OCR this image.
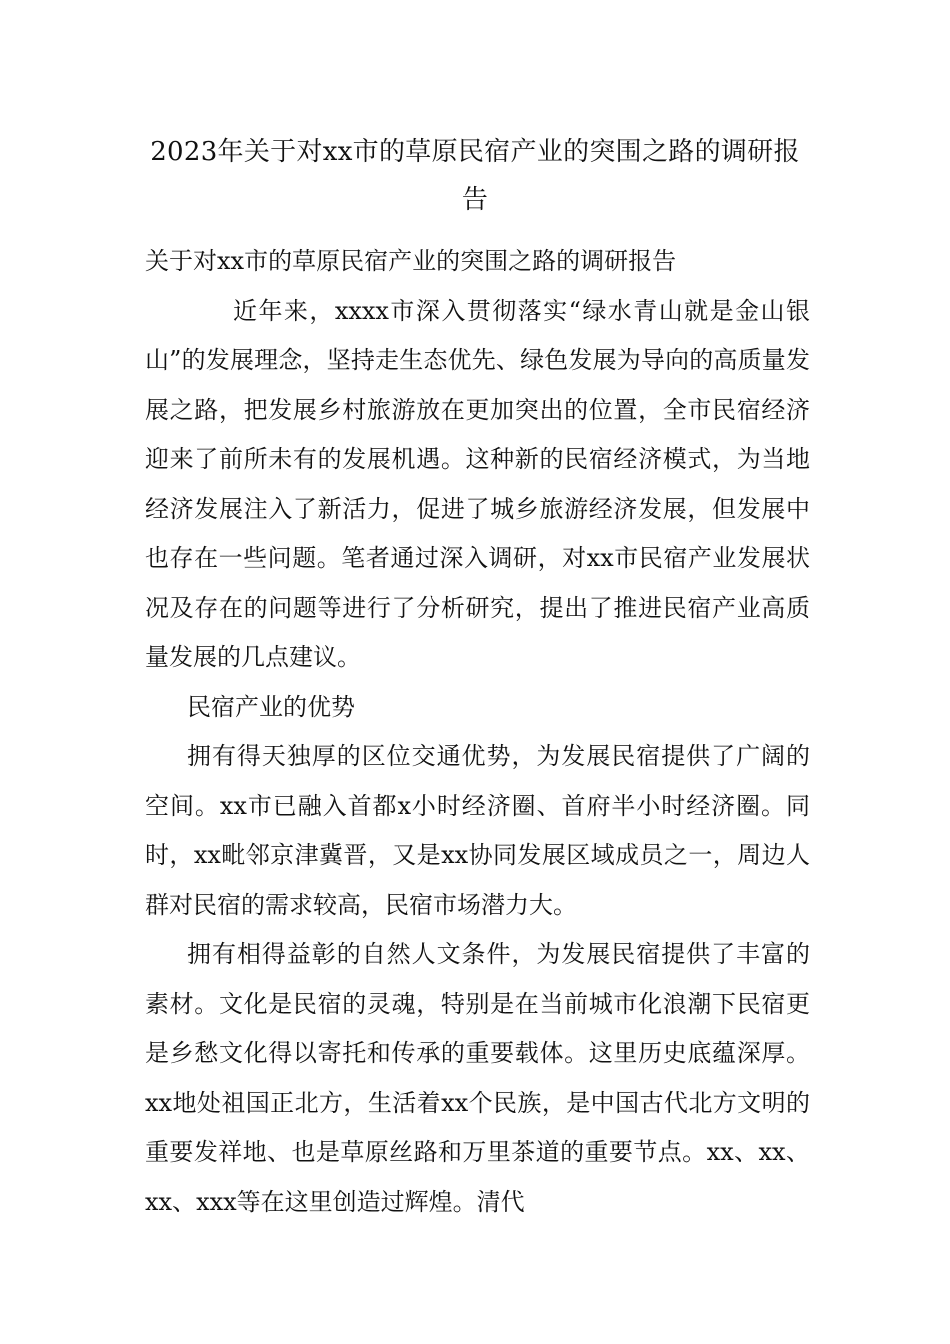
2023年关于对xx市的草原民宿产业的突围之路的调研报告

关于对xx市的草原民宿产业的突围之路的调研报告

近年来，xxxx市深入贯彻落实“绿水青山就是金山银山”的发展理念，坚持走生态优先、绿色发展为导向的高质量发展之路，把发展乡村旅游放在更加突出的位置，全市民宿经济迎来了前所未有的发展机遇。这种新的民宿经济模式，为当地经济发展注入了新活力，促进了城乡旅游经济发展，但发展中也存在一些问题。笔者通过深入调研，对xx市民宿产业发展状况及存在的问题等进行了分析研究，提出了推进民宿产业高质量发展的几点建议。

民宿产业的优势

拥有得天独厚的区位交通优势，为发展民宿提供了广阔的空间。xx市已融入首都x小时经济圈、首府半小时经济圈。同时，xx毗邻京津冀晋，又是xx协同发展区域成员之一，周边人群对民宿的需求较高，民宿市场潜力大。

拥有相得益彰的自然人文条件，为发展民宿提供了丰富的素材。文化是民宿的灵魂，特别是在当前城市化浪潮下民宿更是乡愁文化得以寄托和传承的重要载体。这里历史底蕴深厚。xx地处祖国正北方，生活着xx个民族，是中国古代北方文明的重要发祥地、也是草原丝路和万里茶道的重要节点。xx、xx、xx、xxx等在这里创造过辉煌。清代
